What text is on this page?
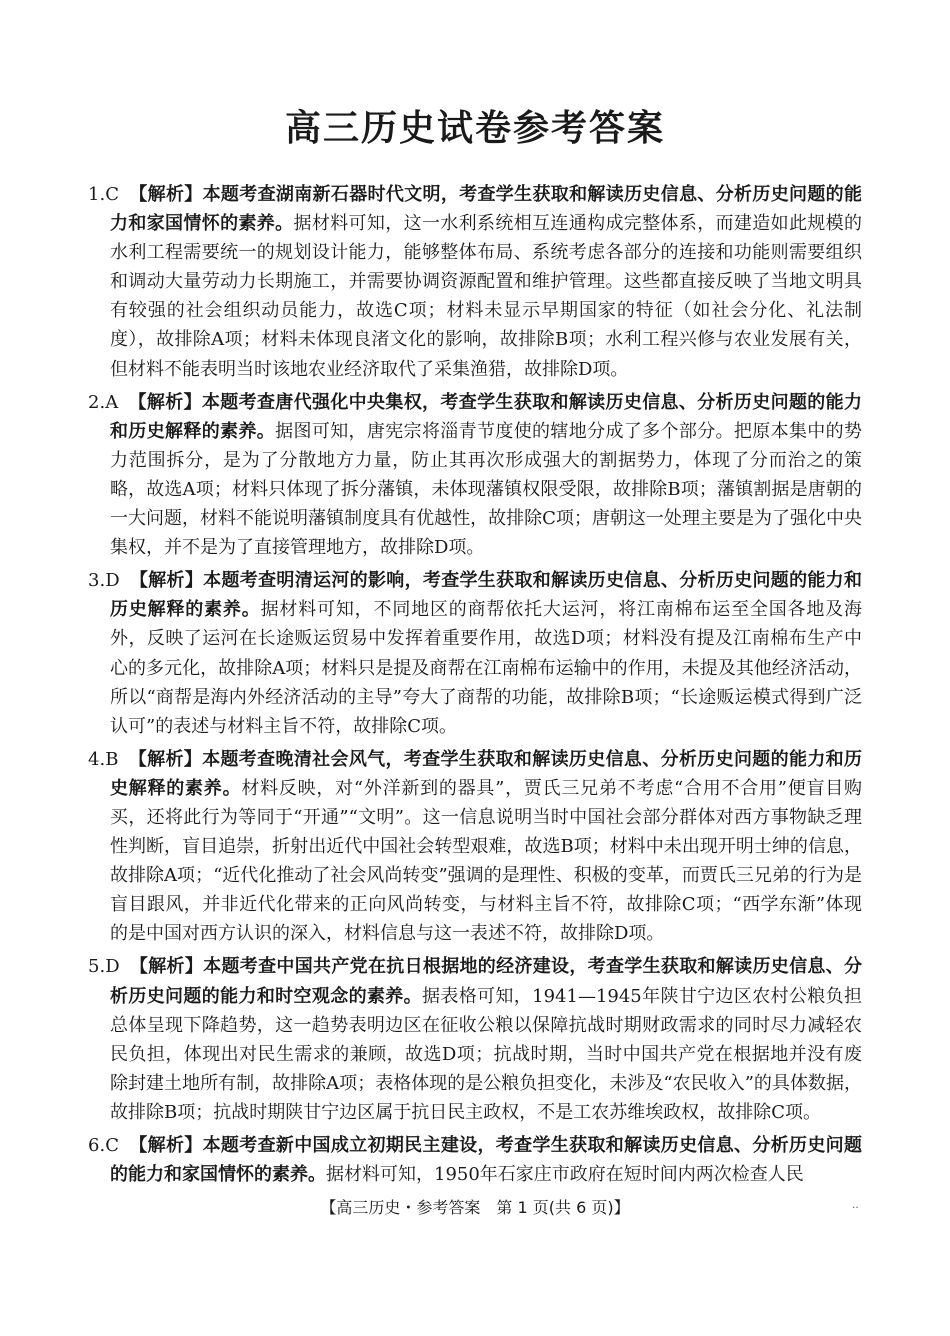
高三历史试卷参考答案

1.C 【解析】本题考查湖南新石器时代文明，考查学生获取和解读历史信息、分析历史问题的能力和家国情怀的素养。据材料可知，这一水利系统相互连通构成完整体系，而建造如此规模的水利工程需要统一的规划设计能力，能够整体布局、系统考虑各部分的连接和功能则需要组织和调动大量劳动力长期施工，并需要协调资源配置和维护管理。这些都直接反映了当地文明具有较强的社会组织动员能力，故选C项；材料未显示早期国家的特征（如社会分化、礼法制度），故排除A项；材料未体现良渚文化的影响，故排除B项；水利工程兴修与农业发展有关，但材料不能表明当时该地农业经济取代了采集渔猎，故排除D项。

2.A 【解析】本题考查唐代强化中央集权，考查学生获取和解读历史信息、分析历史问题的能力和历史解释的素养。据图可知，唐宪宗将淄青节度使的辖地分成了多个部分。把原本集中的势力范围拆分，是为了分散地方力量，防止其再次形成强大的割据势力，体现了分而治之的策略，故选A项；材料只体现了拆分藩镇，未体现藩镇权限受限，故排除B项；藩镇割据是唐朝的一大问题，材料不能说明藩镇制度具有优越性，故排除C项；唐朝这一处理主要是为了强化中央集权，并不是为了直接管理地方，故排除D项。

3.D 【解析】本题考查明清运河的影响，考查学生获取和解读历史信息、分析历史问题的能力和历史解释的素养。据材料可知，不同地区的商帮依托大运河，将江南棉布运至全国各地及海外，反映了运河在长途贩运贸易中发挥着重要作用，故选D项；材料没有提及江南棉布生产中心的多元化，故排除A项；材料只是提及商帮在江南棉布运输中的作用，未提及其他经济活动，所以“商帮是海内外经济活动的主导”夸大了商帮的功能，故排除B项；“长途贩运模式得到广泛认可”的表述与材料主旨不符，故排除C项。

4.B 【解析】本题考查晚清社会风气，考查学生获取和解读历史信息、分析历史问题的能力和历史解释的素养。材料反映，对“外洋新到的器具”，贾氏三兄弟不考虑“合用不合用”便盲目购买，还将此行为等同于“开通”“文明”。这一信息说明当时中国社会部分群体对西方事物缺乏理性判断，盲目追崇，折射出近代中国社会转型艰难，故选B项；材料中未出现开明士绅的信息，故排除A项；“近代化推动了社会风尚转变”强调的是理性、积极的变革，而贾氏三兄弟的行为是盲目跟风，并非近代化带来的正向风尚转变，与材料主旨不符，故排除C项；“西学东渐”体现的是中国对西方认识的深入，材料信息与这一表述不符，故排除D项。

5.D 【解析】本题考查中国共产党在抗日根据地的经济建设，考查学生获取和解读历史信息、分析历史问题的能力和时空观念的素养。据表格可知，1941—1945年陕甘宁边区农村公粮负担总体呈现下降趋势，这一趋势表明边区在征收公粮以保障抗战时期财政需求的同时尽力减轻农民负担，体现出对民生需求的兼顾，故选D项；抗战时期，当时中国共产党在根据地并没有废除封建土地所有制，故排除A项；表格体现的是公粮负担变化，未涉及“农民收入”的具体数据，故排除B项；抗战时期陕甘宁边区属于抗日民主政权，不是工农苏维埃政权，故排除C项。

6.C 【解析】本题考查新中国成立初期民主建设，考查学生获取和解读历史信息、分析历史问题的能力和家国情怀的素养。据材料可知，1950年石家庄市政府在短时间内两次检查人民

【高三历史・参考答案　第 1 页(共 6 页)】	‥
